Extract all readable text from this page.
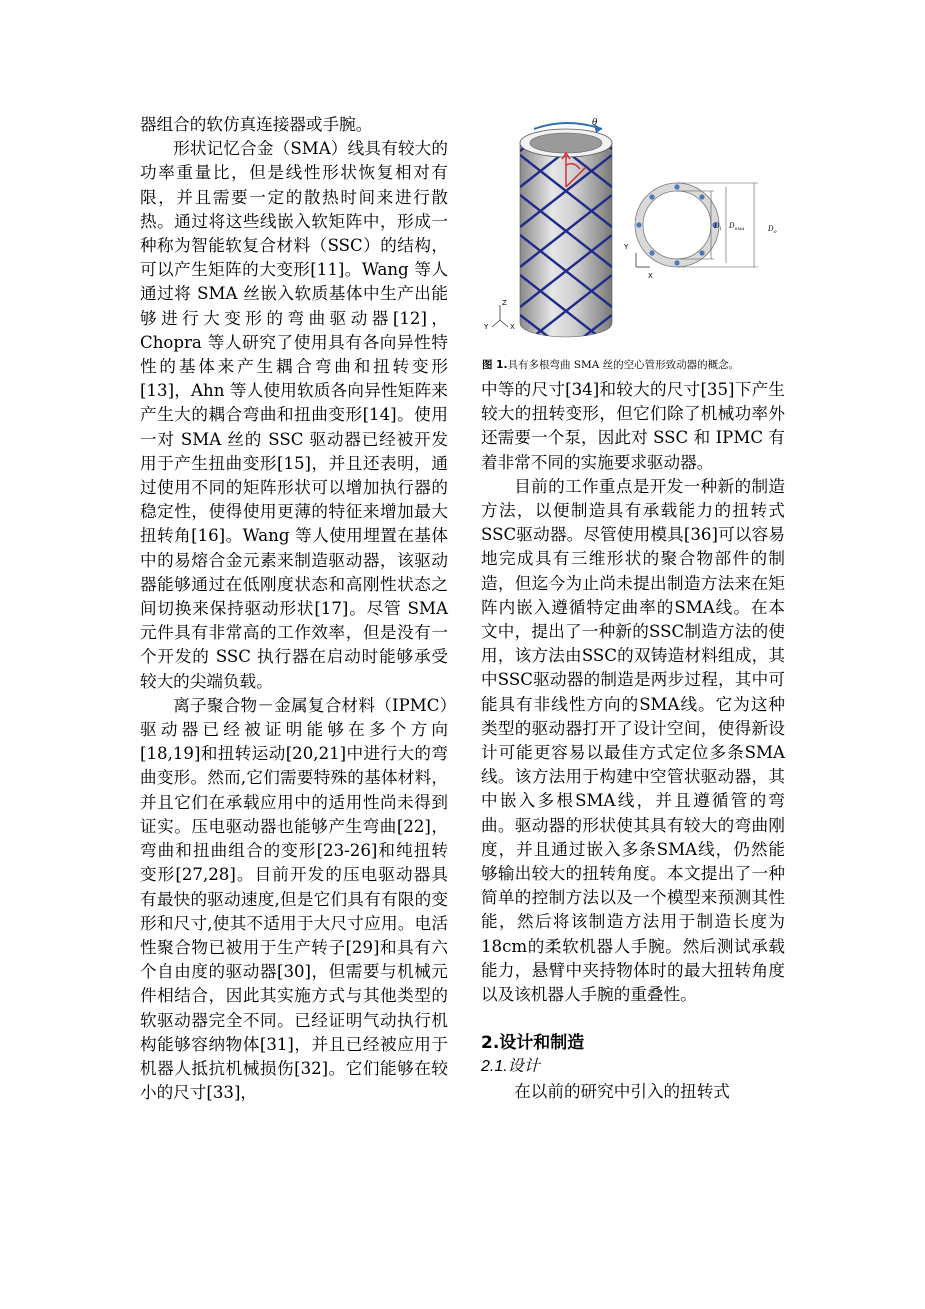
器组合的软仿真连接器或手腕。

形状记忆合金（SMA）线具有较大的功率重量比，但是线性形状恢复相对有限，并且需要一定的散热时间来进行散热。通过将这些线嵌入软矩阵中，形成一种称为智能软复合材料（SSC）的结构，可以产生矩阵的大变形[11]。Wang 等人通过将 SMA 丝嵌入软质基体中生产出能够进行大变形的弯曲驱动器[12]，Chopra 等人研究了使用具有各向异性特性的基体来产生耦合弯曲和扭转变形[13]，Ahn 等人使用软质各向异性矩阵来产生大的耦合弯曲和扭曲变形[14]。使用一对 SMA 丝的 SSC 驱动器已经被开发用于产生扭曲变形[15]，并且还表明，通过使用不同的矩阵形状可以增加执行器的稳定性，使得使用更薄的特征来增加最大扭转角[16]。Wang 等人使用埋置在基体中的易熔合金元素来制造驱动器，该驱动器能够通过在低刚度状态和高刚性状态之间切换来保持驱动形状[17]。尽管 SMA 元件具有非常高的工作效率，但是没有一个开发的 SSC 执行器在启动时能够承受较大的尖端负载。

离子聚合物－金属复合材料（IPMC）驱动器已经被证明能够在多个方向[18,19]和扭转运动[20,21]中进行大的弯曲变形。然而,它们需要特殊的基体材料，并且它们在承载应用中的适用性尚未得到证实。压电驱动器也能够产生弯曲[22]，弯曲和扭曲组合的变形[23-26]和纯扭转变形[27,28]。目前开发的压电驱动器具有最快的驱动速度,但是它们具有有限的变形和尺寸,使其不适用于大尺寸应用。电活性聚合物已被用于生产转子[29]和具有六个自由度的驱动器[30]，但需要与机械元件相结合，因此其实施方式与其他类型的软驱动器完全不同。已经证明气动执行机构能够容纳物体[31]，并且已经被应用于机器人抵抗机械损伤[32]。它们能够在较小的尺寸[33]，

θ
Z
Y	X
$D_i$ $D_{SMA}$	$D_o$
Y
X
图 1.具有多根弯曲 SMA 丝的空心管形致动器的概念。

中等的尺寸[34]和较大的尺寸[35]下产生较大的扭转变形，但它们除了机械功率外还需要一个泵，因此对 SSC 和 IPMC 有着非常不同的实施要求驱动器。

目前的工作重点是开发一种新的制造方法，以便制造具有承载能力的扭转式SSC驱动器。尽管使用模具[36]可以容易地完成具有三维形状的聚合物部件的制造，但迄今为止尚未提出制造方法来在矩阵内嵌入遵循特定曲率的SMA线。在本文中，提出了一种新的SSC制造方法的使用，该方法由SSC的双铸造材料组成，其中SSC驱动器的制造是两步过程，其中可能具有非线性方向的SMA线。它为这种类型的驱动器打开了设计空间，使得新设计可能更容易以最佳方式定位多条SMA线。该方法用于构建中空管状驱动器，其中嵌入多根SMA线，并且遵循管的弯曲。驱动器的形状使其具有较大的弯曲刚度，并且通过嵌入多条SMA线，仍然能够输出较大的扭转角度。本文提出了一种简单的控制方法以及一个模型来预测其性能，然后将该制造方法用于制造长度为18cm的柔软机器人手腕。然后测试承载能力，悬臂中夹持物体时的最大扭转角度以及该机器人手腕的重叠性。

2.设计和制造

2.1.设计

在以前的研究中引入的扭转式
